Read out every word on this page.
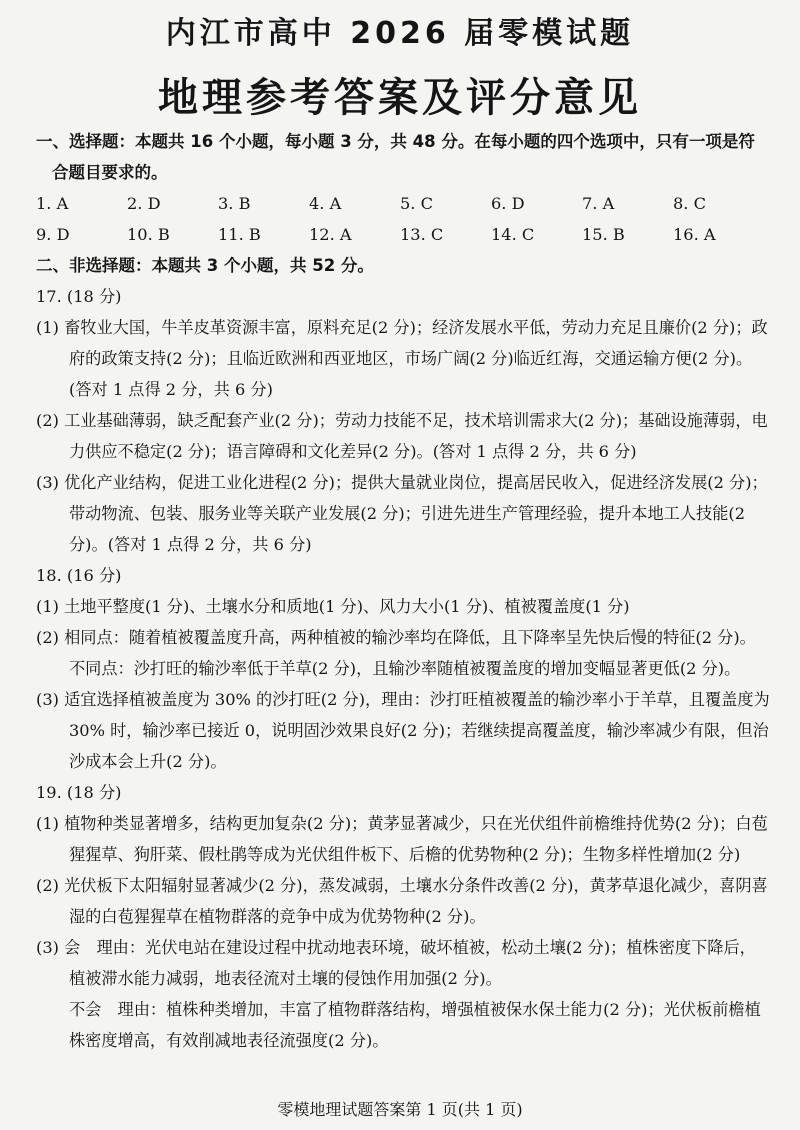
内江市高中 2026 届零模试题
地理参考答案及评分意见

一、选择题：本题共 16 个小题，每小题 3 分，共 48 分。在每小题的四个选项中，只有一项是符合题目要求的。

1. A	2. D	3. B	4. A	5. C	6. D	7. A	8. C
9. D	10. B	11. B	12. A	13. C	14. C	15. B	16. A

二、非选择题：本题共 3 个小题，共 52 分。

17. (18 分)

(1) 畜牧业大国，牛羊皮革资源丰富，原料充足(2 分)；经济发展水平低，劳动力充足且廉价(2 分)；政府的政策支持(2 分)；且临近欧洲和西亚地区，市场广阔(2 分)临近红海，交通运输方便(2 分)。(答对 1 点得 2 分，共 6 分)

(2) 工业基础薄弱，缺乏配套产业(2 分)；劳动力技能不足，技术培训需求大(2 分)；基础设施薄弱，电力供应不稳定(2 分)；语言障碍和文化差异(2 分)。(答对 1 点得 2 分，共 6 分)

(3) 优化产业结构，促进工业化进程(2 分)；提供大量就业岗位，提高居民收入，促进经济发展(2 分)；带动物流、包装、服务业等关联产业发展(2 分)；引进先进生产管理经验，提升本地工人技能(2 分)。(答对 1 点得 2 分，共 6 分)

18. (16 分)

(1) 土地平整度(1 分)、土壤水分和质地(1 分)、风力大小(1 分)、植被覆盖度(1 分)

(2) 相同点：随着植被覆盖度升高，两种植被的输沙率均在降低，且下降率呈先快后慢的特征(2 分)。

不同点：沙打旺的输沙率低于羊草(2 分)，且输沙率随植被覆盖度的增加变幅显著更低(2 分)。

(3) 适宜选择植被盖度为 30% 的沙打旺(2 分)，理由：沙打旺植被覆盖的输沙率小于羊草，且覆盖度为 30% 时，输沙率已接近 0，说明固沙效果良好(2 分)；若继续提高覆盖度，输沙率减少有限，但治沙成本会上升(2 分)。

19. (18 分)

(1) 植物种类显著增多，结构更加复杂(2 分)；黄茅显著减少，只在光伏组件前檐维持优势(2 分)；白苞猩猩草、狗肝菜、假杜鹃等成为光伏组件板下、后檐的优势物种(2 分)；生物多样性增加(2 分)

(2) 光伏板下太阳辐射显著减少(2 分)，蒸发减弱，土壤水分条件改善(2 分)，黄茅草退化减少，喜阴喜湿的白苞猩猩草在植物群落的竞争中成为优势物种(2 分)。

(3) 会　理由：光伏电站在建设过程中扰动地表环境，破坏植被，松动土壤(2 分)；植株密度下降后，植被滞水能力减弱，地表径流对土壤的侵蚀作用加强(2 分)。

不会　理由：植株种类增加，丰富了植物群落结构，增强植被保水保土能力(2 分)；光伏板前檐植株密度增高，有效削减地表径流强度(2 分)。

零模地理试题答案第 1 页(共 1 页)
